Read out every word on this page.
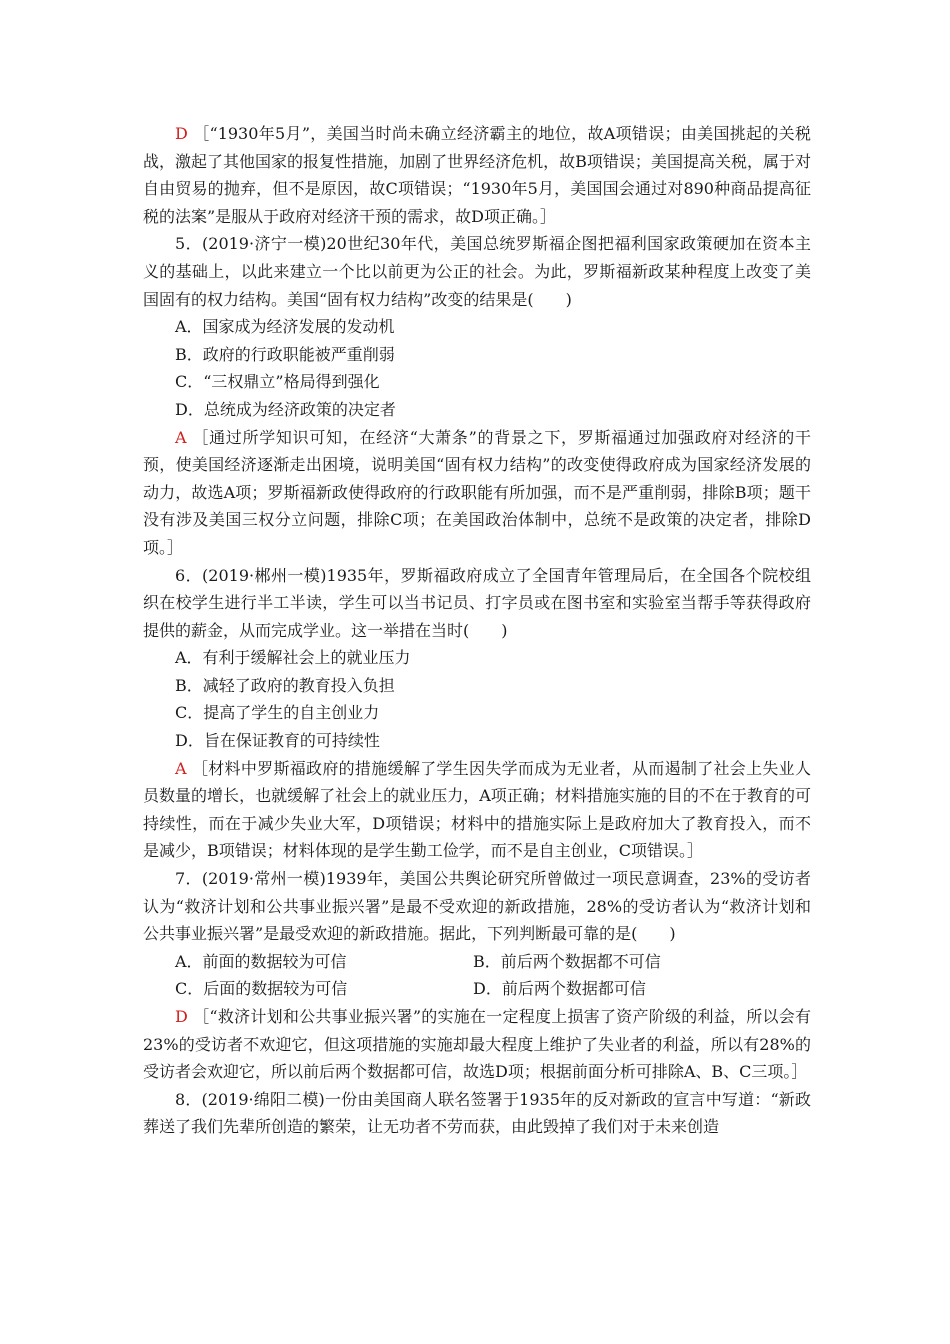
D ［“1930年5月”，美国当时尚未确立经济霸主的地位，故A项错误；由美国挑起的关税战，激起了其他国家的报复性措施，加剧了世界经济危机，故B项错误；美国提高关税，属于对自由贸易的抛弃，但不是原因，故C项错误；“1930年5月，美国国会通过对890种商品提高征税的法案”是服从于政府对经济干预的需求，故D项正确。］

5．(2019·济宁一模)20世纪30年代，美国总统罗斯福企图把福利国家政策硬加在资本主义的基础上，以此来建立一个比以前更为公正的社会。为此，罗斯福新政某种程度上改变了美国固有的权力结构。美国“固有权力结构”改变的结果是(　　)

A．国家成为经济发展的发动机

B．政府的行政职能被严重削弱

C．“三权鼎立”格局得到强化

D．总统成为经济政策的决定者

A ［通过所学知识可知，在经济“大萧条”的背景之下，罗斯福通过加强政府对经济的干预，使美国经济逐渐走出困境，说明美国“固有权力结构”的改变使得政府成为国家经济发展的动力，故选A项；罗斯福新政使得政府的行政职能有所加强，而不是严重削弱，排除B项；题干没有涉及美国三权分立问题，排除C项；在美国政治体制中，总统不是政策的决定者，排除D项。］

6．(2019·郴州一模)1935年，罗斯福政府成立了全国青年管理局后，在全国各个院校组织在校学生进行半工半读，学生可以当书记员、打字员或在图书室和实验室当帮手等获得政府提供的薪金，从而完成学业。这一举措在当时(　　)

A．有利于缓解社会上的就业压力

B．减轻了政府的教育投入负担

C．提高了学生的自主创业力

D．旨在保证教育的可持续性

A ［材料中罗斯福政府的措施缓解了学生因失学而成为无业者，从而遏制了社会上失业人员数量的增长，也就缓解了社会上的就业压力，A项正确；材料措施实施的目的不在于教育的可持续性，而在于减少失业大军，D项错误；材料中的措施实际上是政府加大了教育投入，而不是减少，B项错误；材料体现的是学生勤工俭学，而不是自主创业，C项错误。］

7．(2019·常州一模)1939年，美国公共舆论研究所曾做过一项民意调查，23%的受访者认为“救济计划和公共事业振兴署”是最不受欢迎的新政措施，28%的受访者认为“救济计划和公共事业振兴署”是最受欢迎的新政措施。据此，下列判断最可靠的是(　　)

A．前面的数据较为可信	B．前后两个数据都不可信
C．后面的数据较为可信	D．前后两个数据都可信

D ［“救济计划和公共事业振兴署”的实施在一定程度上损害了资产阶级的利益，所以会有23%的受访者不欢迎它，但这项措施的实施却最大程度上维护了失业者的利益，所以有28%的受访者会欢迎它，所以前后两个数据都可信，故选D项；根据前面分析可排除A、B、C三项。］

8．(2019·绵阳二模)一份由美国商人联名签署于1935年的反对新政的宣言中写道：“新政葬送了我们先辈所创造的繁荣，让无功者不劳而获，由此毁掉了我们对于未来创造
